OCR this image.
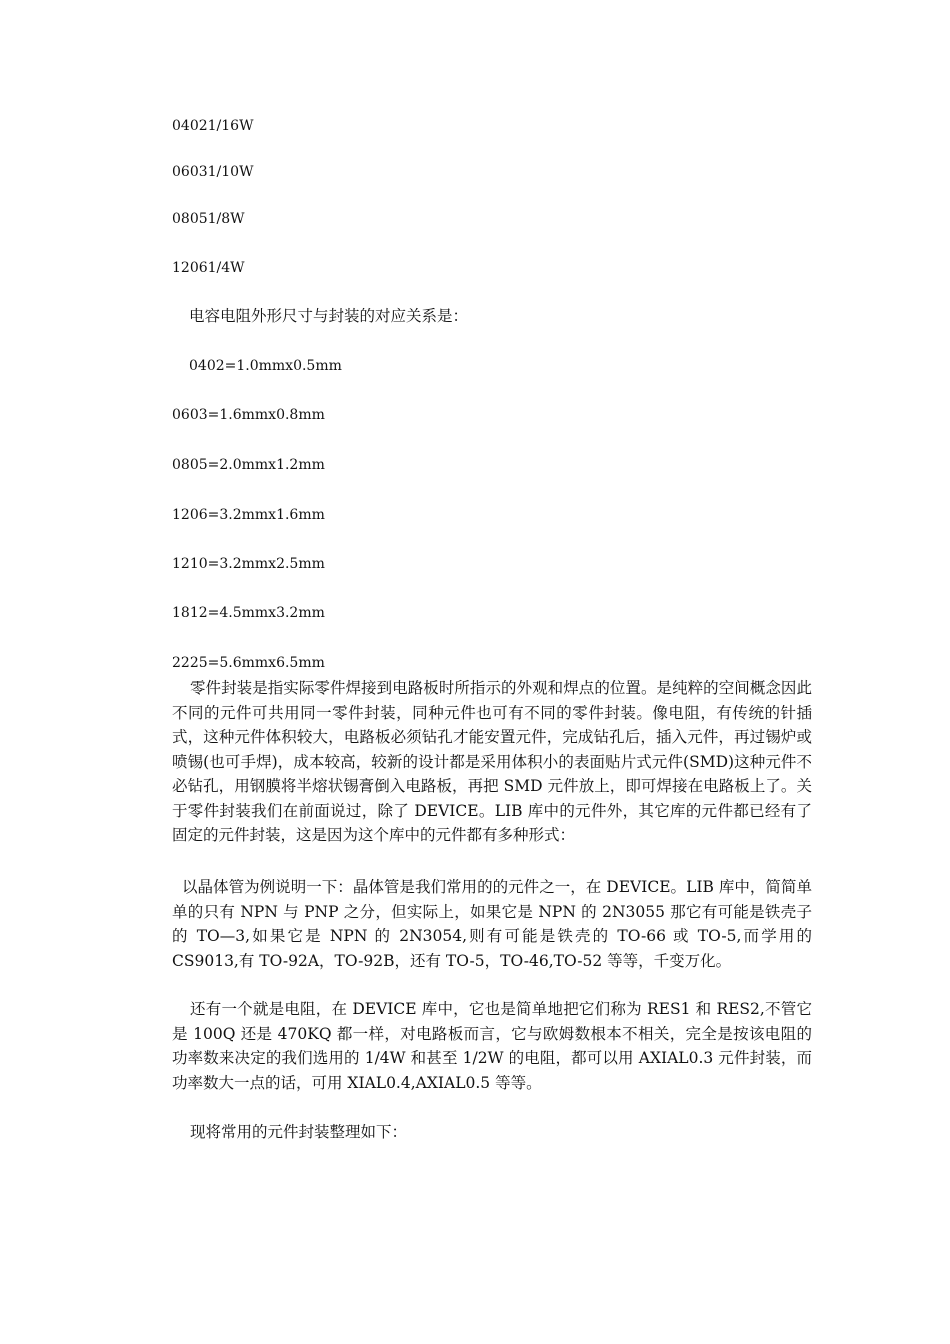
04021/16W
06031/10W
08051/8W
12061/4W
电容电阻外形尺寸与封装的对应关系是：
0402=1.0mmx0.5mm
0603=1.6mmx0.8mm
0805=2.0mmx1.2mm
1206=3.2mmx1.6mm
1210=3.2mmx2.5mm
1812=4.5mmx3.2mm
2225=5.6mmx6.5mm

零件封装是指实际零件焊接到电路板时所指示的外观和焊点的位置。是纯粹的空间概念因此不同的元件可共用同一零件封装，同种元件也可有不同的零件封装。像电阻，有传统的针插式，这种元件体积较大，电路板必须钻孔才能安置元件，完成钻孔后，插入元件，再过锡炉或喷锡(也可手焊)，成本较高，较新的设计都是采用体积小的表面贴片式元件(SMD)这种元件不必钻孔，用钢膜将半熔状锡膏倒入电路板，再把 SMD 元件放上，即可焊接在电路板上了。关于零件封装我们在前面说过，除了 DEVICE。LIB 库中的元件外，其它库的元件都已经有了固定的元件封装，这是因为这个库中的元件都有多种形式：

以晶体管为例说明一下：晶体管是我们常用的的元件之一，在 DEVICE。LIB 库中，简简单单的只有 NPN 与 PNP 之分，但实际上，如果它是 NPN 的 2N3055 那它有可能是铁壳子的 TO—3,如果它是 NPN 的 2N3054,则有可能是铁壳的 TO-66 或 TO-5,而学用的 CS9013,有 TO-92A，TO-92B，还有 TO-5，TO-46,TO-52 等等，千变万化。

还有一个就是电阻，在 DEVICE 库中，它也是简单地把它们称为 RES1 和 RES2,不管它是 100Q 还是 470KQ 都一样，对电路板而言，它与欧姆数根本不相关，完全是按该电阻的功率数来决定的我们选用的 1/4W 和甚至 1/2W 的电阻，都可以用 AXIAL0.3 元件封装，而功率数大一点的话，可用 XIAL0.4,AXIAL0.5 等等。

现将常用的元件封装整理如下：
